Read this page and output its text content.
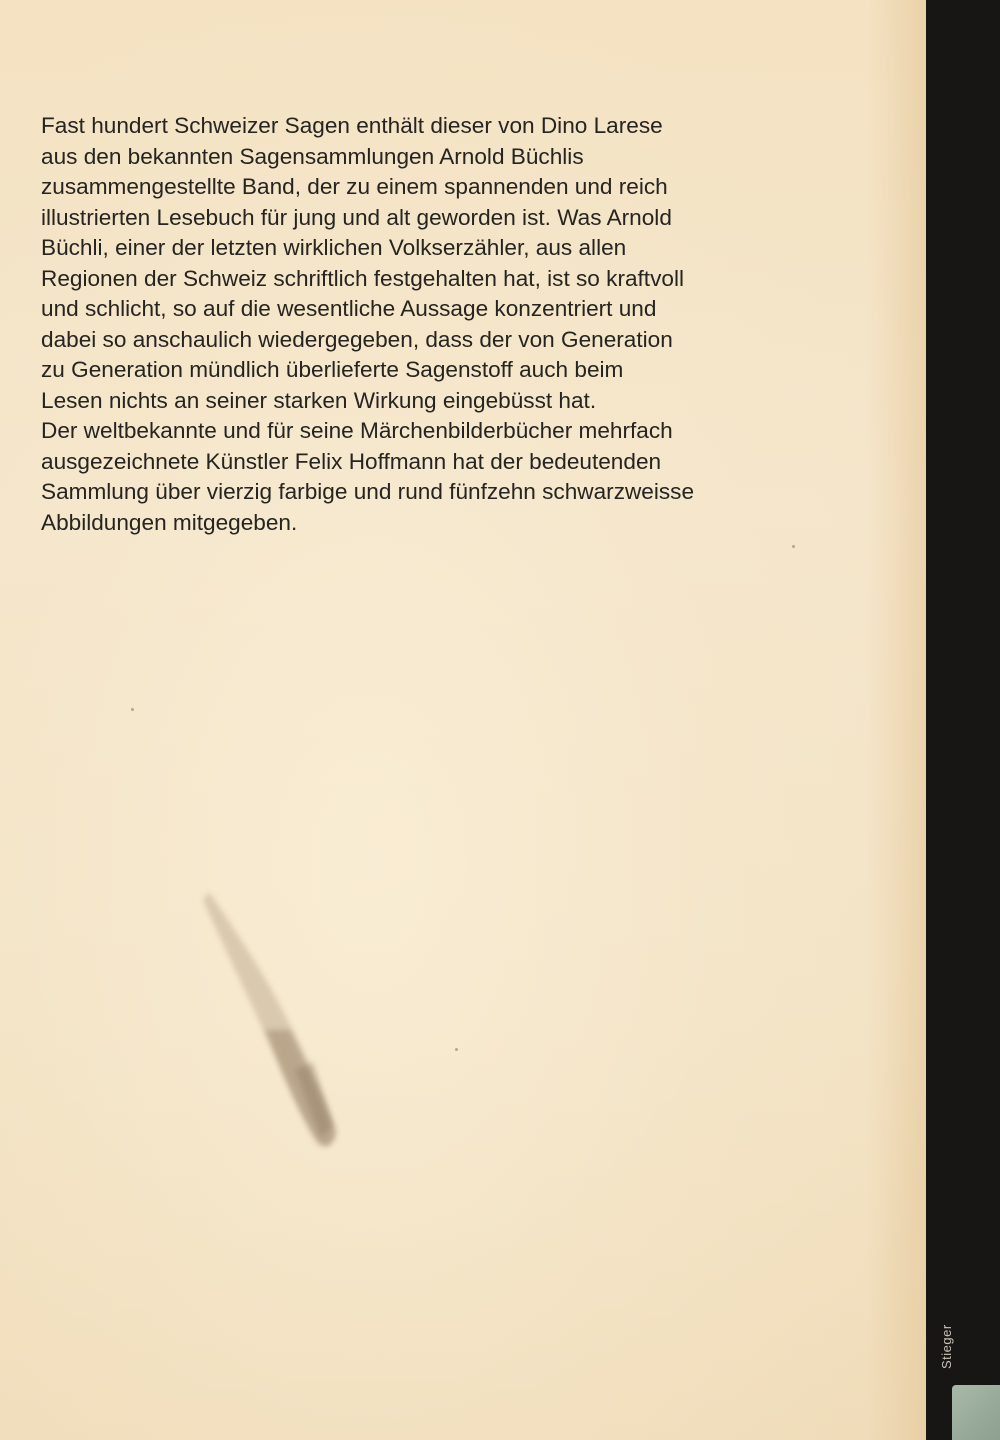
Fast hundert Schweizer Sagen enthält dieser von Dino Larese
aus den bekannten Sagensammlungen Arnold Büchlis
zusammengestellte Band, der zu einem spannenden und reich
illustrierten Lesebuch für jung und alt geworden ist. Was Arnold
Büchli, einer der letzten wirklichen Volkserzähler, aus allen
Regionen der Schweiz schriftlich festgehalten hat, ist so kraftvoll
und schlicht, so auf die wesentliche Aussage konzentriert und
dabei so anschaulich wiedergegeben, dass der von Generation
zu Generation mündlich überlieferte Sagenstoff auch beim
Lesen nichts an seiner starken Wirkung eingebüsst hat.
Der weltbekannte und für seine Märchenbilderbücher mehrfach
ausgezeichnete Künstler Felix Hoffmann hat der bedeutenden
Sammlung über vierzig farbige und rund fünfzehn schwarzweisse
Abbildungen mitgegeben.

Stieger
